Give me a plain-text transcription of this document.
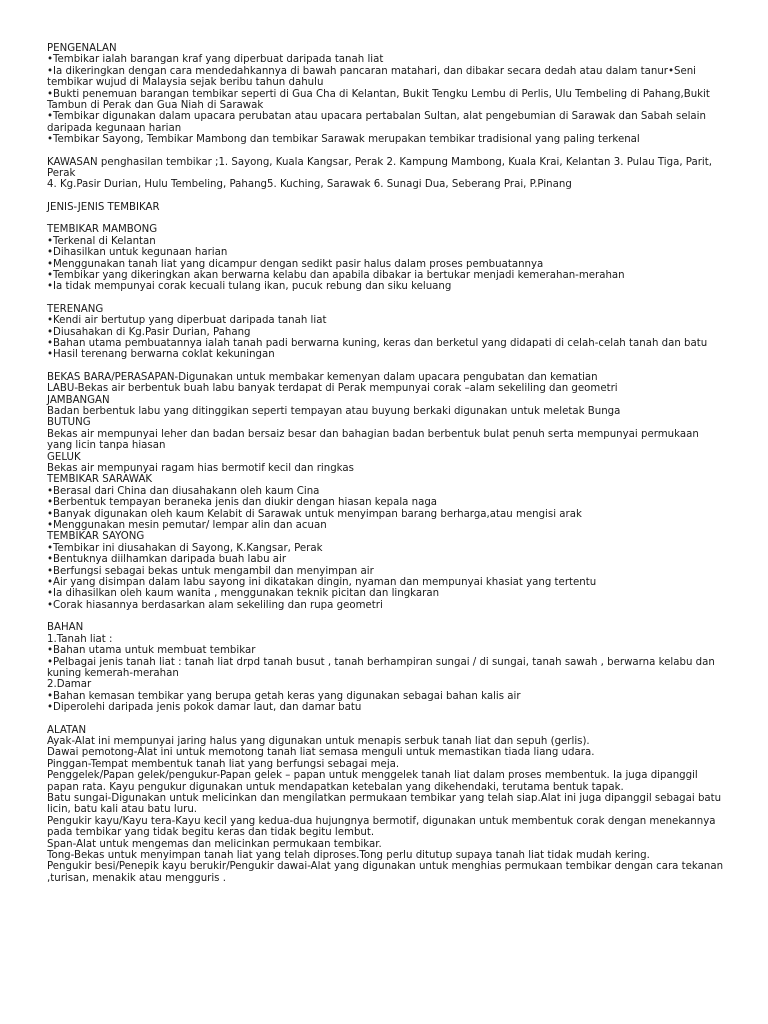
PENGENALAN
•Tembikar ialah barangan kraf yang diperbuat daripada tanah liat
•Ia dikeringkan dengan cara mendedahkannya di bawah pancaran matahari, dan dibakar secara dedah atau dalam tanur•Seni tembikar wujud di Malaysia sejak beribu tahun dahulu
•Bukti penemuan barangan tembikar seperti di Gua Cha di Kelantan, Bukit Tengku Lembu di Perlis, Ulu Tembeling di Pahang,Bukit Tambun di Perak dan Gua Niah di Sarawak
•Tembikar digunakan dalam upacara perubatan atau upacara pertabalan Sultan, alat pengebumian di Sarawak dan Sabah selain daripada kegunaan harian
•Tembikar Sayong, Tembikar Mambong dan tembikar Sarawak merupakan tembikar tradisional yang paling terkenal
KAWASAN penghasilan tembikar ;1. Sayong, Kuala Kangsar, Perak 2. Kampung Mambong, Kuala Krai, Kelantan 3. Pulau Tiga, Parit, Perak
4. Kg.Pasir Durian, Hulu Tembeling, Pahang5. Kuching, Sarawak 6. Sunagi Dua, Seberang Prai, P.Pinang
JENIS-JENIS TEMBIKAR
TEMBIKAR MAMBONG
•Terkenal di Kelantan
•Dihasilkan untuk kegunaan harian
•Menggunakan tanah liat yang dicampur dengan sedikt pasir halus dalam proses pembuatannya
•Tembikar yang dikeringkan akan berwarna kelabu dan apabila dibakar ia bertukar menjadi kemerahan-merahan
•Ia tidak mempunyai corak kecuali tulang ikan, pucuk rebung dan siku keluang
TERENANG
•Kendi air bertutup yang diperbuat daripada tanah liat
•Diusahakan di Kg.Pasir Durian, Pahang
•Bahan utama pembuatannya ialah tanah padi berwarna kuning, keras dan berketul yang didapati di celah-celah tanah dan batu
•Hasil terenang berwarna coklat kekuningan
BEKAS BARA/PERASAPAN-Digunakan untuk membakar kemenyan dalam upacara pengubatan dan kematian
LABU-Bekas air berbentuk buah labu banyak terdapat di Perak mempunyai corak –alam sekeliling dan geometri
JAMBANGAN
Badan berbentuk labu yang ditinggikan seperti tempayan atau buyung berkaki digunakan untuk meletak Bunga
BUTUNG
Bekas air mempunyai leher dan badan bersaiz besar dan bahagian badan berbentuk bulat penuh serta mempunyai permukaan yang licin tanpa hiasan
GELUK
Bekas air mempunyai ragam hias bermotif kecil dan ringkas
TEMBIKAR SARAWAK
•Berasal dari China dan diusahakann oleh kaum Cina
•Berbentuk tempayan beraneka jenis dan diukir dengan hiasan kepala naga
•Banyak digunakan oleh kaum Kelabit di Sarawak untuk menyimpan barang berharga,atau mengisi arak
•Menggunakan mesin pemutar/ lempar alin dan acuan
TEMBIKAR SAYONG
•Tembikar ini diusahakan di Sayong, K.Kangsar, Perak
•Bentuknya diilhamkan daripada buah labu air
•Berfungsi sebagai bekas untuk mengambil dan menyimpan air
•Air yang disimpan dalam labu sayong ini dikatakan dingin, nyaman dan mempunyai khasiat yang tertentu
•Ia dihasilkan oleh kaum wanita , menggunakan teknik picitan dan lingkaran
•Corak hiasannya berdasarkan alam sekeliling dan rupa geometri
BAHAN
1.Tanah liat :
•Bahan utama untuk membuat tembikar
•Pelbagai jenis tanah liat : tanah liat drpd tanah busut , tanah berhampiran sungai / di sungai, tanah sawah , berwarna kelabu dan kuning kemerah-merahan
2.Damar
•Bahan kemasan tembikar yang berupa getah keras yang digunakan sebagai bahan kalis air
•Diperolehi daripada jenis pokok damar laut, dan damar batu
ALATAN
Ayak-Alat ini mempunyai jaring halus yang digunakan untuk menapis serbuk tanah liat dan sepuh (gerlis).
Dawai pemotong-Alat ini untuk memotong tanah liat semasa menguli untuk memastikan tiada liang udara.
Pinggan-Tempat membentuk tanah liat yang berfungsi sebagai meja.
Penggelek/Papan gelek/pengukur-Papan gelek – papan untuk menggelek tanah liat dalam proses membentuk. Ia juga dipanggil papan rata. Kayu pengukur digunakan untuk mendapatkan ketebalan yang dikehendaki, terutama bentuk tapak.
Batu sungai-Digunakan untuk melicinkan dan mengilatkan permukaan tembikar yang telah siap.Alat ini juga dipanggil sebagai batu licin, batu kali atau batu luru.
Pengukir kayu/Kayu tera-Kayu kecil yang kedua-dua hujungnya bermotif, digunakan untuk membentuk corak dengan menekannya pada tembikar yang tidak begitu keras dan tidak begitu lembut.
Span-Alat untuk mengemas dan melicinkan permukaan tembikar.
Tong-Bekas untuk menyimpan tanah liat yang telah diproses.Tong perlu ditutup supaya tanah liat tidak mudah kering.
Pengukir besi/Penepik kayu berukir/Pengukir dawai-Alat yang digunakan untuk menghias permukaan tembikar dengan cara tekanan ,turisan, menakik atau mengguris .
